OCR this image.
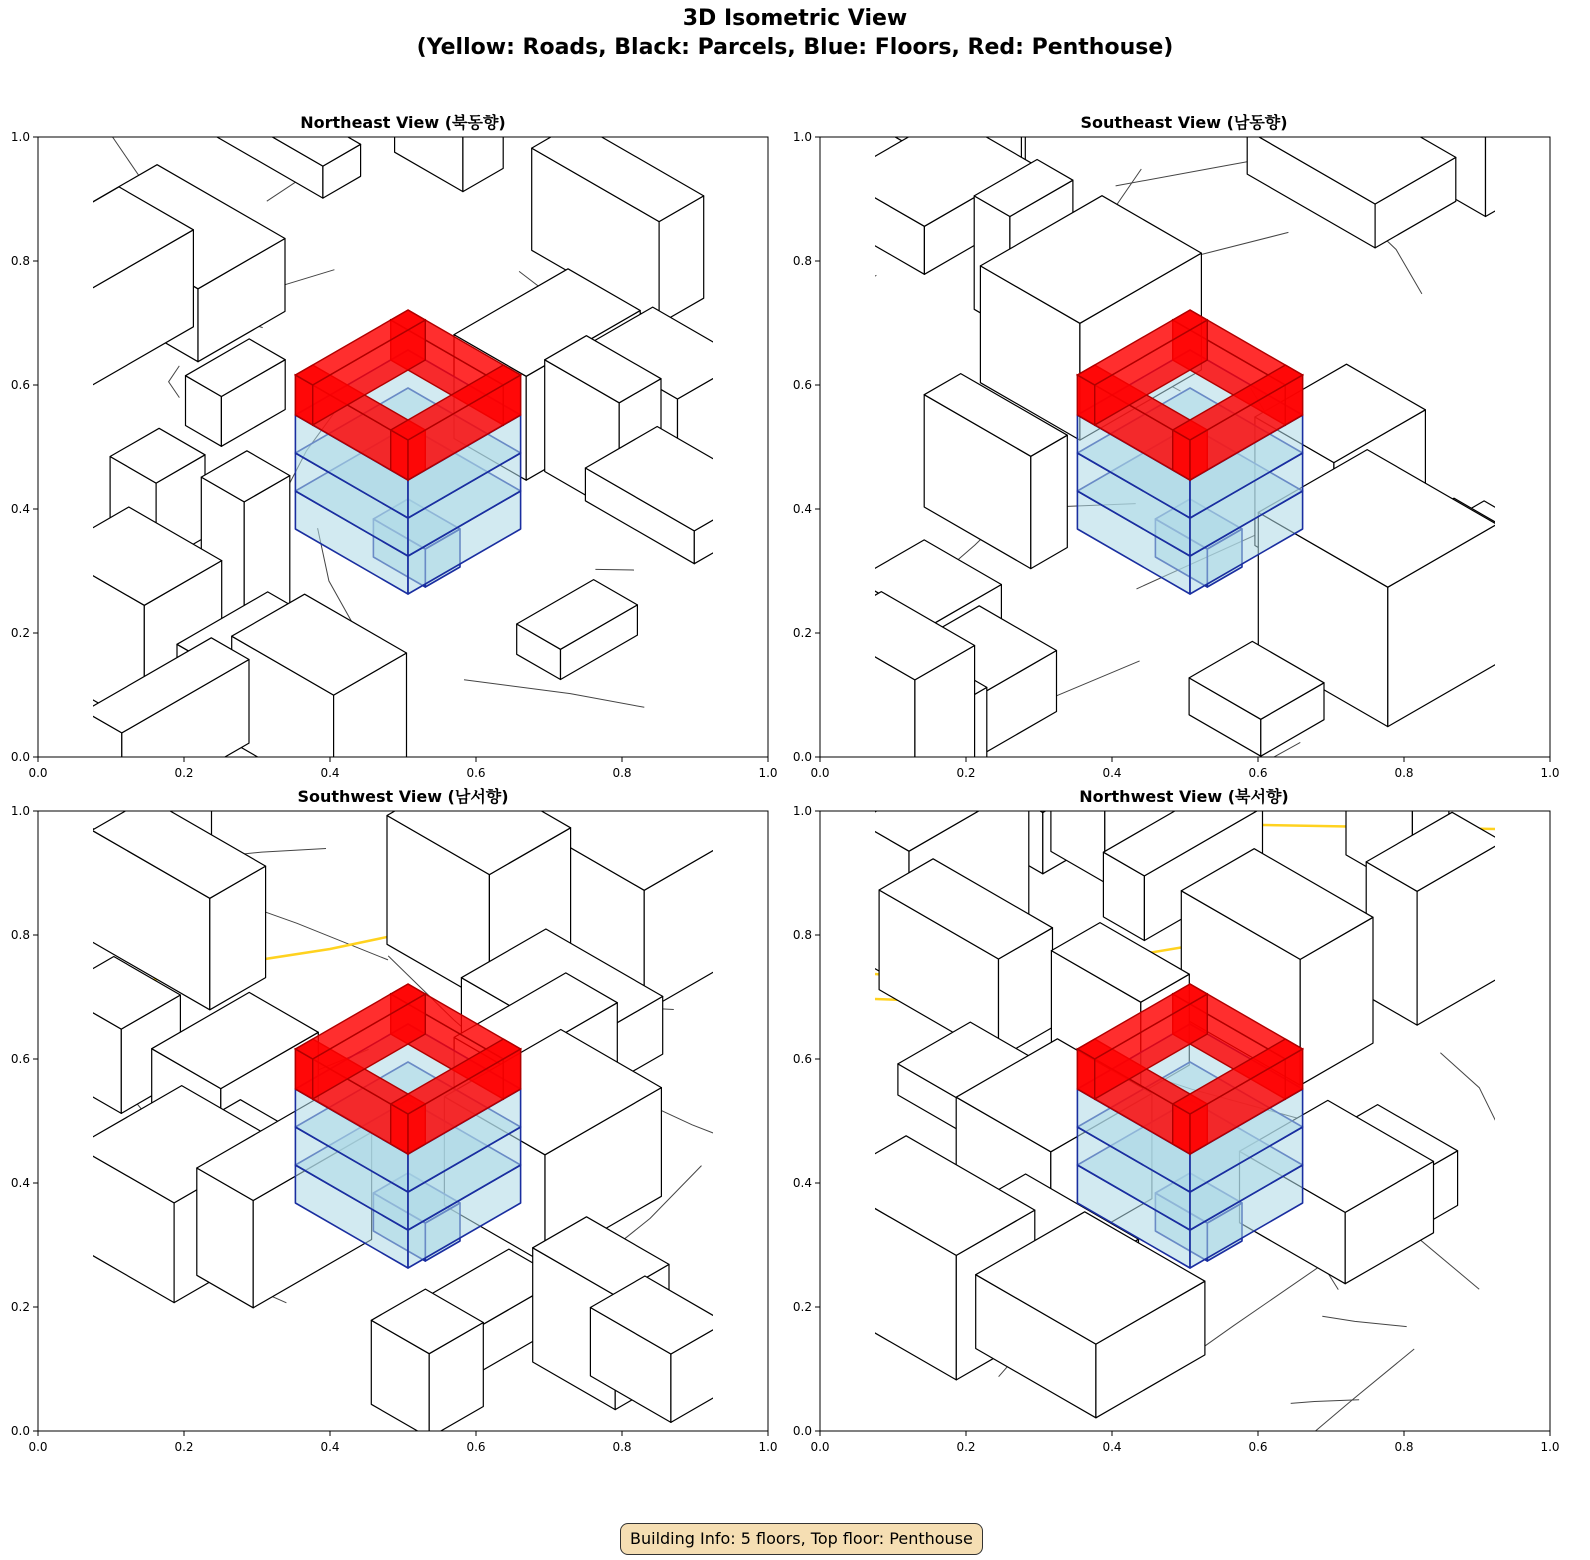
3D Isometric View
(Yellow: Roads, Black: Parcels, Blue: Floors, Red: Penthouse)
Northeast View (북동향)	Southeast View (남동향)
Southwest View (남서향)	Northwest View (북서향)
0.0	0.2	0.4	0.6	0.8	1.0
0.0
0.2
0.4
0.6
0.8
1.0
0.0	0.2	0.4	0.6	0.8	1.0
0.0
0.2
0.4
0.6
0.8
1.0
0.0	0.2	0.4	0.6	0.8	1.0
0.0
0.2
0.4
0.6
0.8
1.0
0.0	0.2	0.4	0.6	0.8	1.0
0.0
0.2
0.4
0.6
0.8
1.0
Building Info: 5 floors, Top floor: Penthouse
